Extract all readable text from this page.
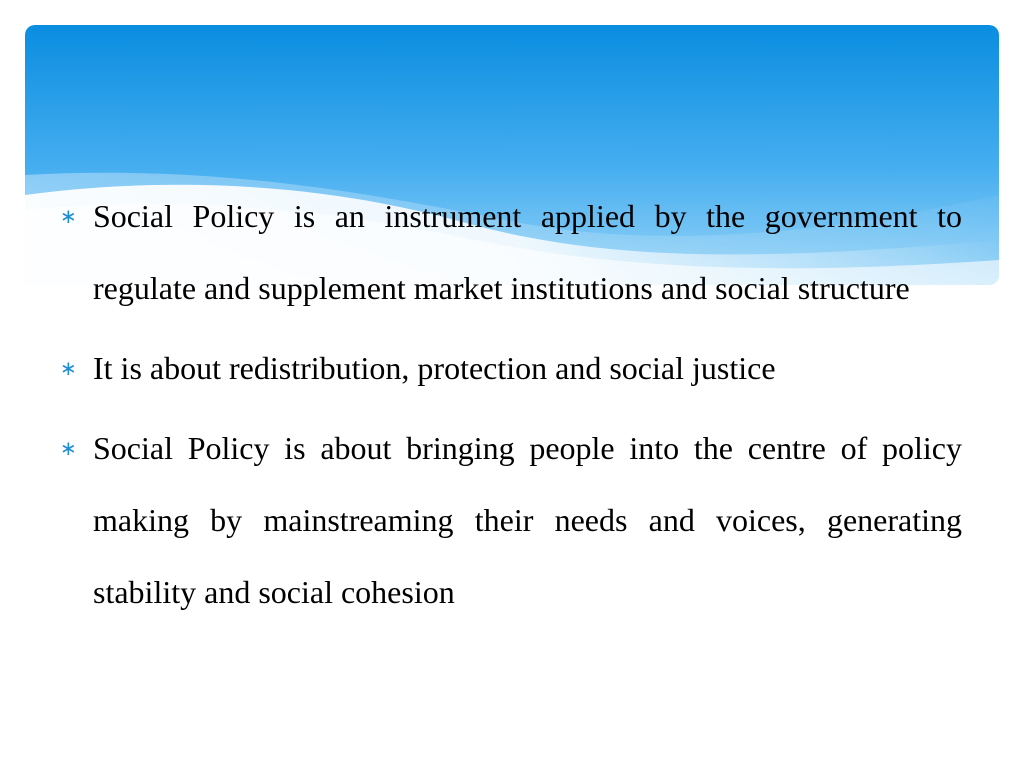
∗ Social Policy is an instrument applied by the government to regulate and supplement market institutions and social structure
∗ It is about redistribution, protection and social justice
∗ Social Policy is about bringing people into the centre of policy making by mainstreaming their needs and voices, generating stability and social cohesion
